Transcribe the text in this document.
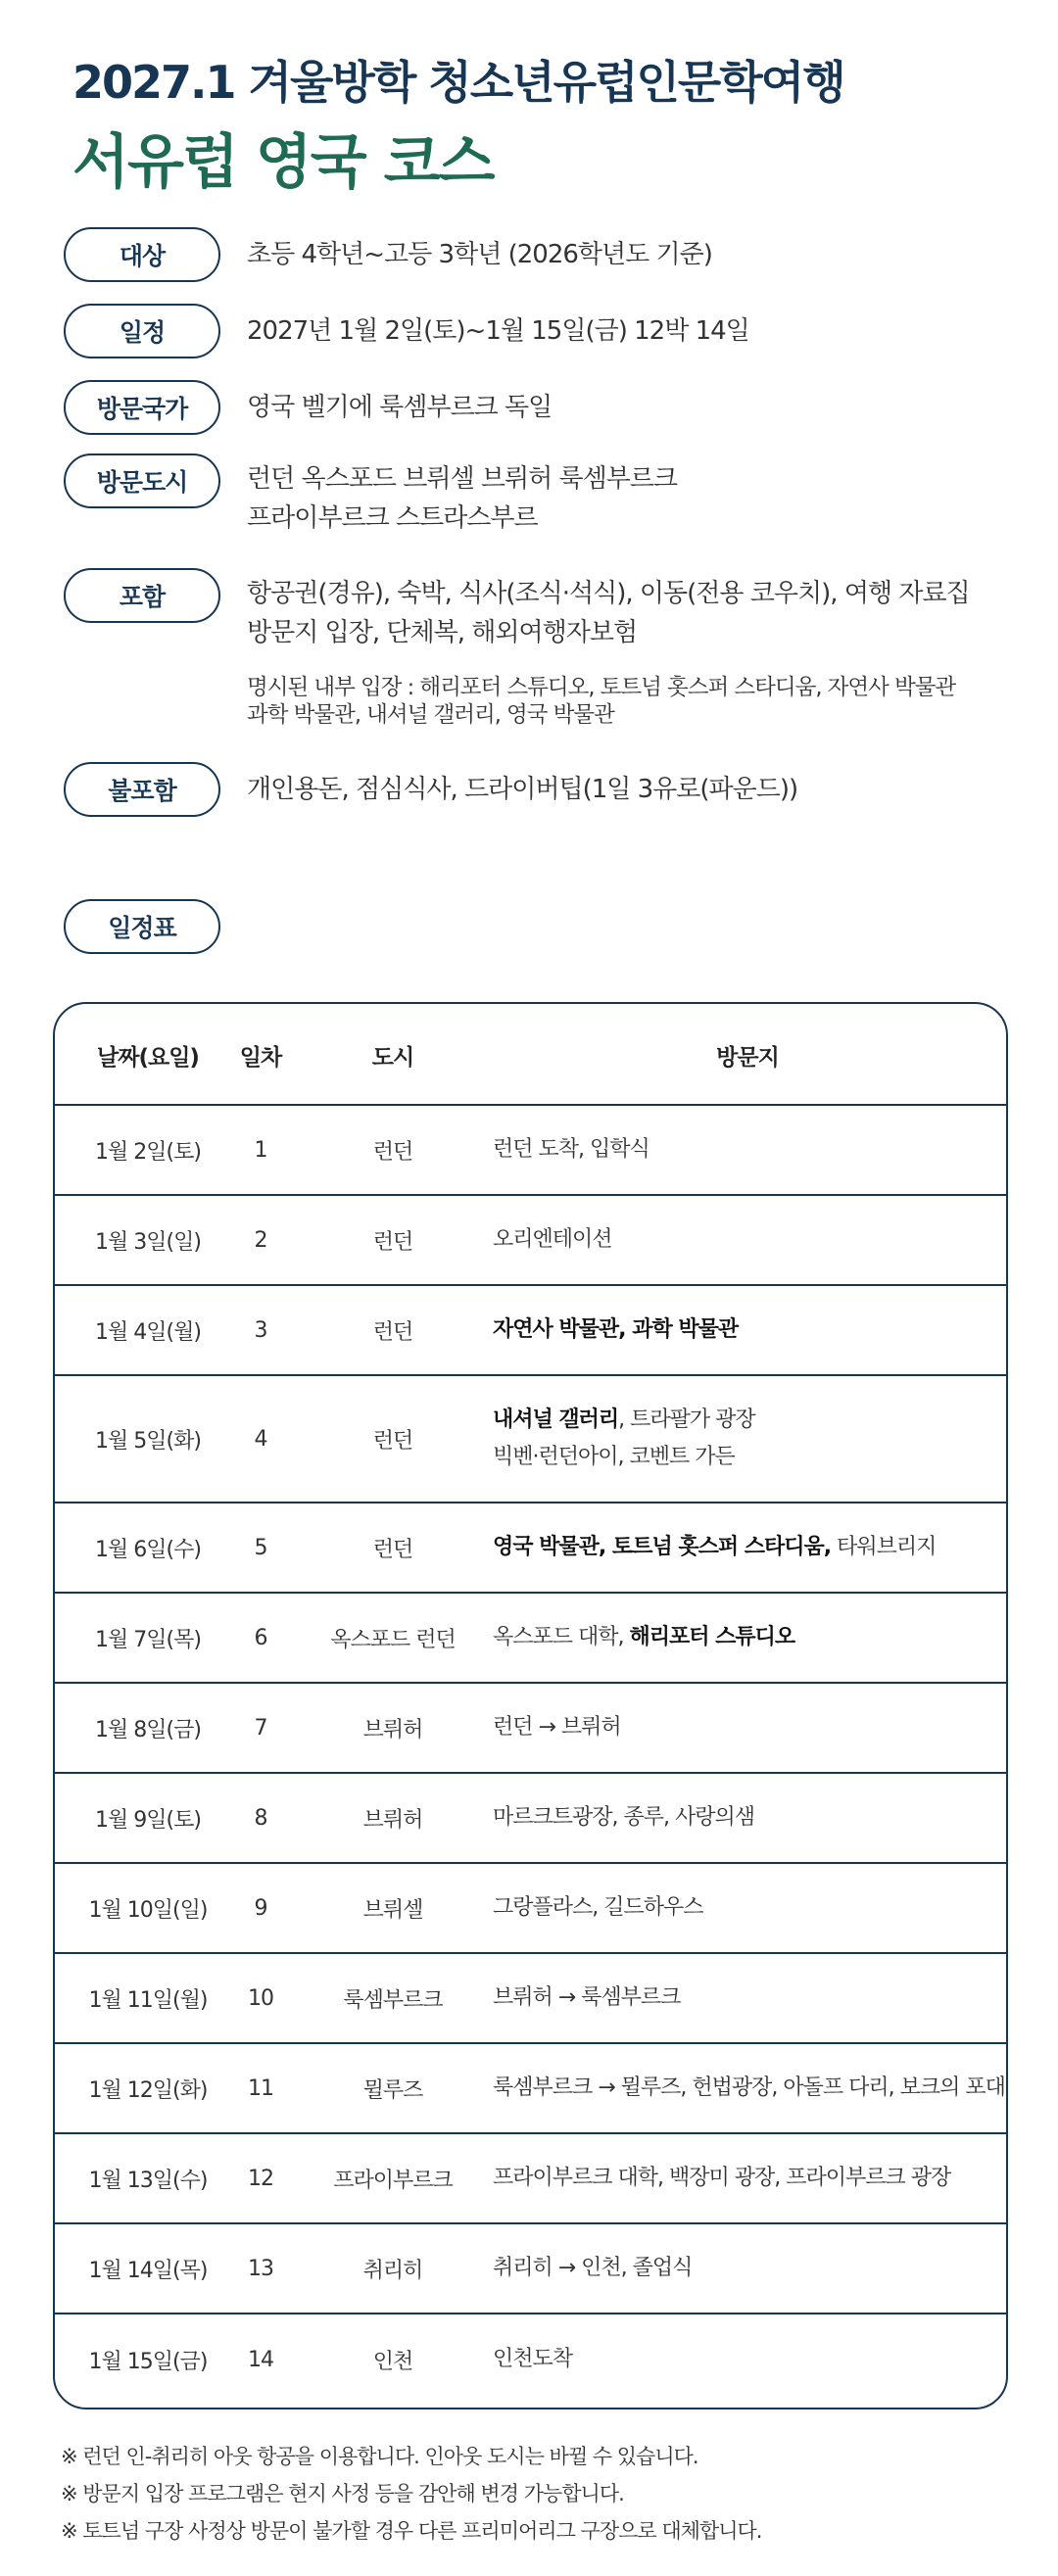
2027.1 겨울방학 청소년유럽인문학여행
서유럽 영국 코스
대상	초등 4학년~고등 3학년 (2026학년도 기준)
일정	2027년 1월 2일(토)~1월 15일(금) 12박 14일
방문국가	영국 벨기에 룩셈부르크 독일
방문도시	런던 옥스포드 브뤼셀 브뤼허 룩셈부르크
프라이부르크 스트라스부르
포함	항공권(경유), 숙박, 식사(조식·석식), 이동(전용 코우치), 여행 자료집
방문지 입장, 단체복, 해외여행자보험
명시된 내부 입장 : 해리포터 스튜디오, 토트넘 홋스퍼 스타디움, 자연사 박물관
과학 박물관, 내셔널 갤러리, 영국 박물관
불포함	개인용돈, 점심식사, 드라이버팁(1일 3유로(파운드))
일정표
날짜(요일)	일차	도시	방문지
1월 2일(토)	1	런던	런던 도착, 입학식
1월 3일(일)	2	런던	오리엔테이션
1월 4일(월)	3	런던	자연사 박물관, 과학 박물관
1월 5일(화)	4	런던
내셔널 갤러리, 트라팔가 광장
빅벤·런던아이, 코벤트 가든
1월 6일(수)	5	런던	영국 박물관, 토트넘 홋스퍼 스타디움, 타워브리지
1월 7일(목)	6	옥스포드 런던	옥스포드 대학, 해리포터 스튜디오
1월 8일(금)	7	브뤼허	런던 → 브뤼허
1월 9일(토)	8	브뤼허	마르크트광장, 종루, 사랑의샘
1월 10일(일)	9	브뤼셀	그랑플라스, 길드하우스
1월 11일(월)	10	룩셈부르크	브뤼허 → 룩셈부르크
1월 12일(화)	11	뮐루즈	룩셈부르크 → 뮐루즈, 헌법광장, 아돌프 다리, 보크의 포대
1월 13일(수)	12	프라이부르크	프라이부르크 대학, 백장미 광장, 프라이부르크 광장
1월 14일(목)	13	취리히	취리히 → 인천, 졸업식
1월 15일(금)	14	인천	인천도착
※ 런던 인-취리히 아웃 항공을 이용합니다. 인아웃 도시는 바뀔 수 있습니다.
※ 방문지 입장 프로그램은 현지 사정 등을 감안해 변경 가능합니다.
※ 토트넘 구장 사정상 방문이 불가할 경우 다른 프리미어리그 구장으로 대체합니다.
